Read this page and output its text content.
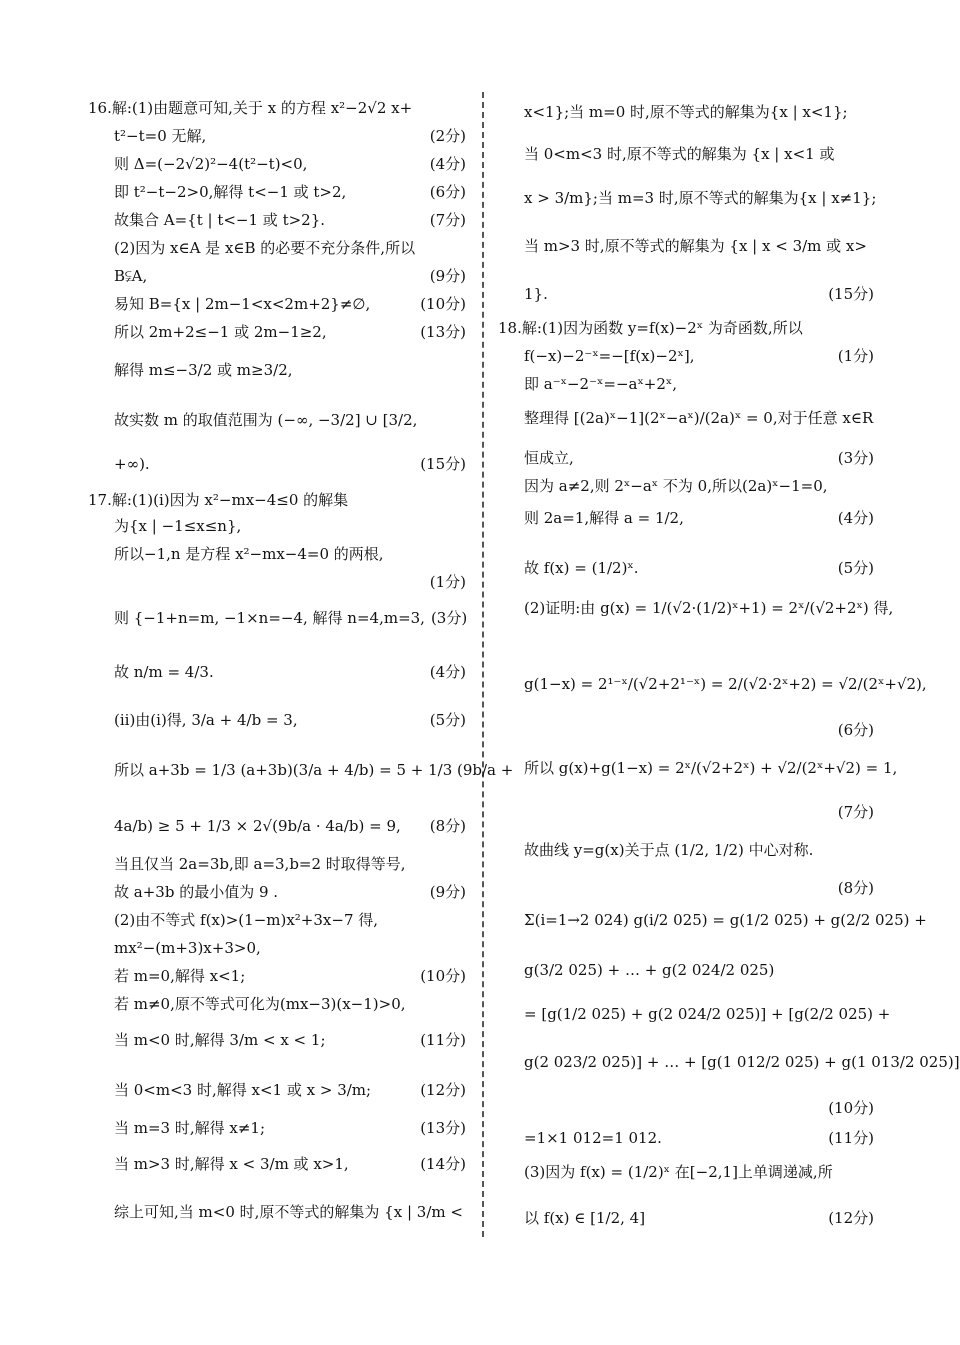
16.解:(1)由题意可知,关于 x 的方程 x²−2√2 x+
t²−t=0 无解,	(2分)
则 Δ=(−2√2)²−4(t²−t)<0,	(4分)
即 t²−t−2>0,解得 t<−1 或 t>2,	(6分)
故集合 A={t | t<−1 或 t>2}.	(7分)
(2)因为 x∈A 是 x∈B 的必要不充分条件,所以
B⫋A,	(9分)
易知 B={x | 2m−1<x<2m+2}≠∅,	(10分)
所以 2m+2≤−1 或 2m−1≥2,	(13分)
解得 m≤−3/2 或 m≥3/2,
故实数 m 的取值范围为 (−∞, −3/2] ∪ [3/2,
+∞).	(15分)
17.解:(1)(ⅰ)因为 x²−mx−4≤0 的解集
为{x | −1≤x≤n},
所以−1,n 是方程 x²−mx−4=0 的两根,
(1分)
则 {−1+n=m, −1×n=−4, 解得 n=4,m=3, (3分)
故 n/m = 4/3.	(4分)
(ⅱ)由(ⅰ)得, 3/a + 4/b = 3,	(5分)
所以 a+3b = 1/3 (a+3b)(3/a + 4/b) = 5 + 1/3 (9b/a +
4a/b) ≥ 5 + 1/3 × 2√(9b/a · 4a/b) = 9,	(8分)
当且仅当 2a=3b,即 a=3,b=2 时取得等号,
故 a+3b 的最小值为 9 .	(9分)
(2)由不等式 f(x)>(1−m)x²+3x−7 得,
mx²−(m+3)x+3>0,
若 m=0,解得 x<1;	(10分)
若 m≠0,原不等式可化为(mx−3)(x−1)>0,
当 m<0 时,解得 3/m < x < 1;	(11分)
当 0<m<3 时,解得 x<1 或 x > 3/m;	(12分)
当 m=3 时,解得 x≠1;	(13分)
当 m>3 时,解得 x < 3/m 或 x>1,	(14分)
综上可知,当 m<0 时,原不等式的解集为 {x | 3/m <
x<1};当 m=0 时,原不等式的解集为{x | x<1};
当 0<m<3 时,原不等式的解集为 {x | x<1 或
x > 3/m};当 m=3 时,原不等式的解集为{x | x≠1};
当 m>3 时,原不等式的解集为 {x | x < 3/m 或 x>
1}.	(15分)
18.解:(1)因为函数 y=f(x)−2ˣ 为奇函数,所以
f(−x)−2⁻ˣ=−[f(x)−2ˣ],	(1分)
即 a⁻ˣ−2⁻ˣ=−aˣ+2ˣ,
整理得 [(2a)ˣ−1](2ˣ−aˣ)/(2a)ˣ = 0,对于任意 x∈R
恒成立,	(3分)
因为 a≠2,则 2ˣ−aˣ 不为 0,所以(2a)ˣ−1=0,
则 2a=1,解得 a = 1/2,	(4分)
故 f(x) = (1/2)ˣ.	(5分)
(2)证明:由 g(x) = 1/(√2·(1/2)ˣ+1) = 2ˣ/(√2+2ˣ) 得,
g(1−x) = 2¹⁻ˣ/(√2+2¹⁻ˣ) = 2/(√2·2ˣ+2) = √2/(2ˣ+√2),
(6分)
所以 g(x)+g(1−x) = 2ˣ/(√2+2ˣ) + √2/(2ˣ+√2) = 1,
(7分)
故曲线 y=g(x)关于点 (1/2, 1/2) 中心对称.
(8分)
Σ(i=1→2 024) g(i/2 025) = g(1/2 025) + g(2/2 025) +
g(3/2 025) + … + g(2 024/2 025)
= [g(1/2 025) + g(2 024/2 025)] + [g(2/2 025) +
g(2 023/2 025)] + … + [g(1 012/2 025) + g(1 013/2 025)]
(10分)
=1×1 012=1 012.	(11分)
(3)因为 f(x) = (1/2)ˣ 在[−2,1]上单调递减,所
以 f(x) ∈ [1/2, 4]	(12分)
